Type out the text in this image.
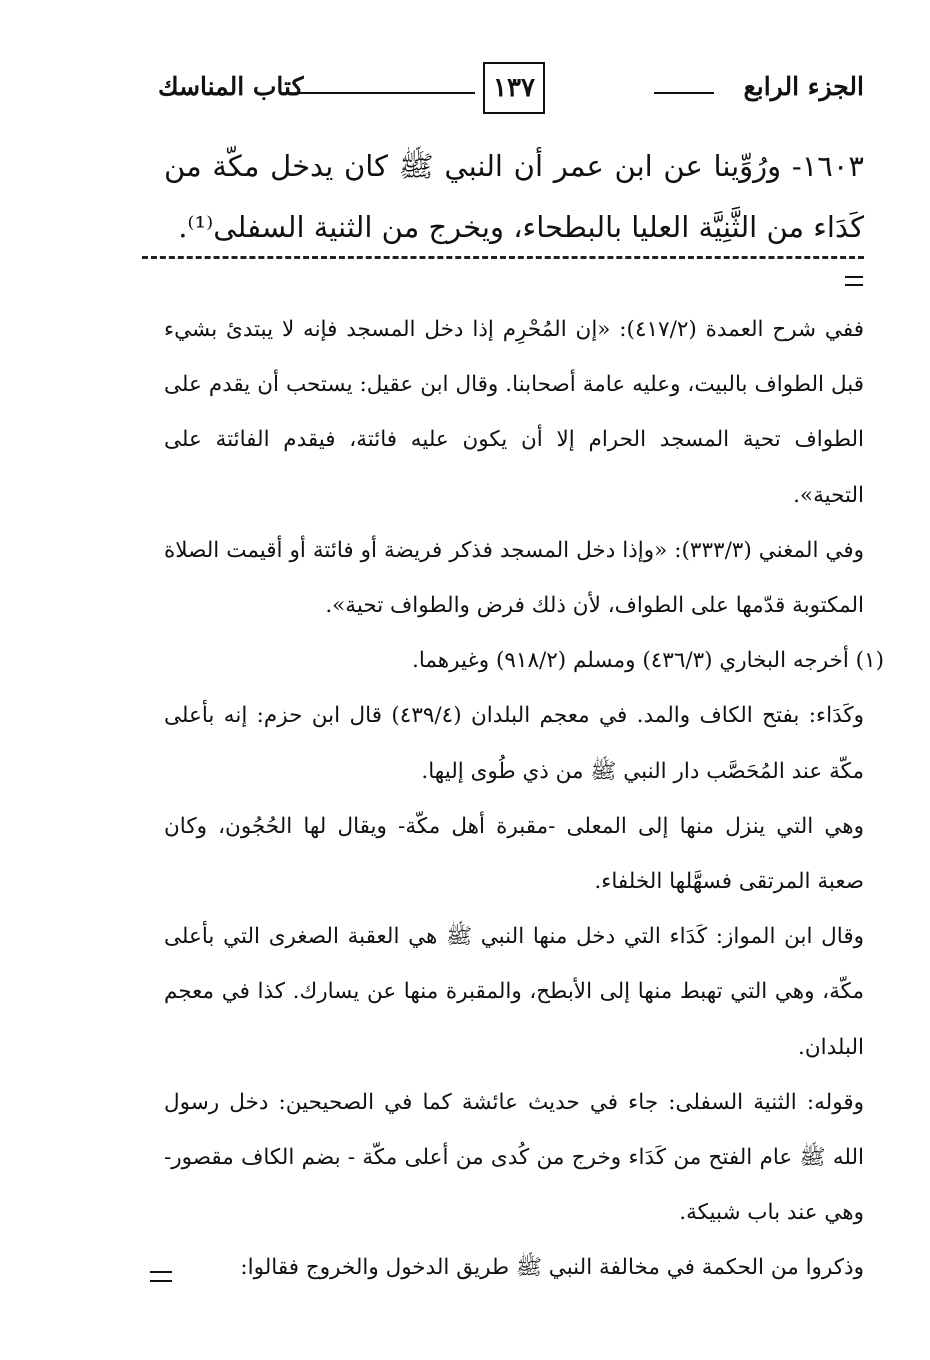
الجزء الرابع
١٣٧
كتاب المناسك
١٦٠٣- ورُوِّينا عن ابن عمر أن النبي ﷺ كان يدخل مكّة من كَدَاء من الثَّنِيَّة العليا بالبطحاء، ويخرج من الثنية السفلى⁽¹⁾.

ففي شرح العمدة (٤١٧/٢): «إن المُحْرِم إذا دخل المسجد فإنه لا يبتدئ بشيء قبل الطواف بالبيت، وعليه عامة أصحابنا. وقال ابن عقيل: يستحب أن يقدم على الطواف تحية المسجد الحرام إلا أن يكون عليه فائتة، فيقدم الفائتة على التحية».

وفي المغني (٣٣٣/٣): «وإذا دخل المسجد فذكر فريضة أو فائتة أو أقيمت الصلاة المكتوبة قدّمها على الطواف، لأن ذلك فرض والطواف تحية».

(١) أخرجه البخاري (٤٣٦/٣) ومسلم (٩١٨/٢) وغيرهما.

وكَدَاء: بفتح الكاف والمد. في معجم البلدان (٤٣٩/٤) قال ابن حزم: إنه بأعلى مكّة عند المُحَصَّب دار النبي ﷺ من ذي طُوى إليها.

وهي التي ينزل منها إلى المعلى -مقبرة أهل مكّة- ويقال لها الحُجُون، وكان صعبة المرتقى فسهَّلها الخلفاء.

وقال ابن المواز: كَدَاء التي دخل منها النبي ﷺ هي العقبة الصغرى التي بأعلى مكّة، وهي التي تهبط منها إلى الأبطح، والمقبرة منها عن يسارك. كذا في معجم البلدان.

وقوله: الثنية السفلى: جاء في حديث عائشة كما في الصحيحين: دخل رسول الله ﷺ عام الفتح من كَدَاء وخرج من كُدى من أعلى مكّة - بضم الكاف مقصور- وهي عند باب شبيكة.

وذكروا من الحكمة في مخالفة النبي ﷺ طريق الدخول والخروج فقالوا:
